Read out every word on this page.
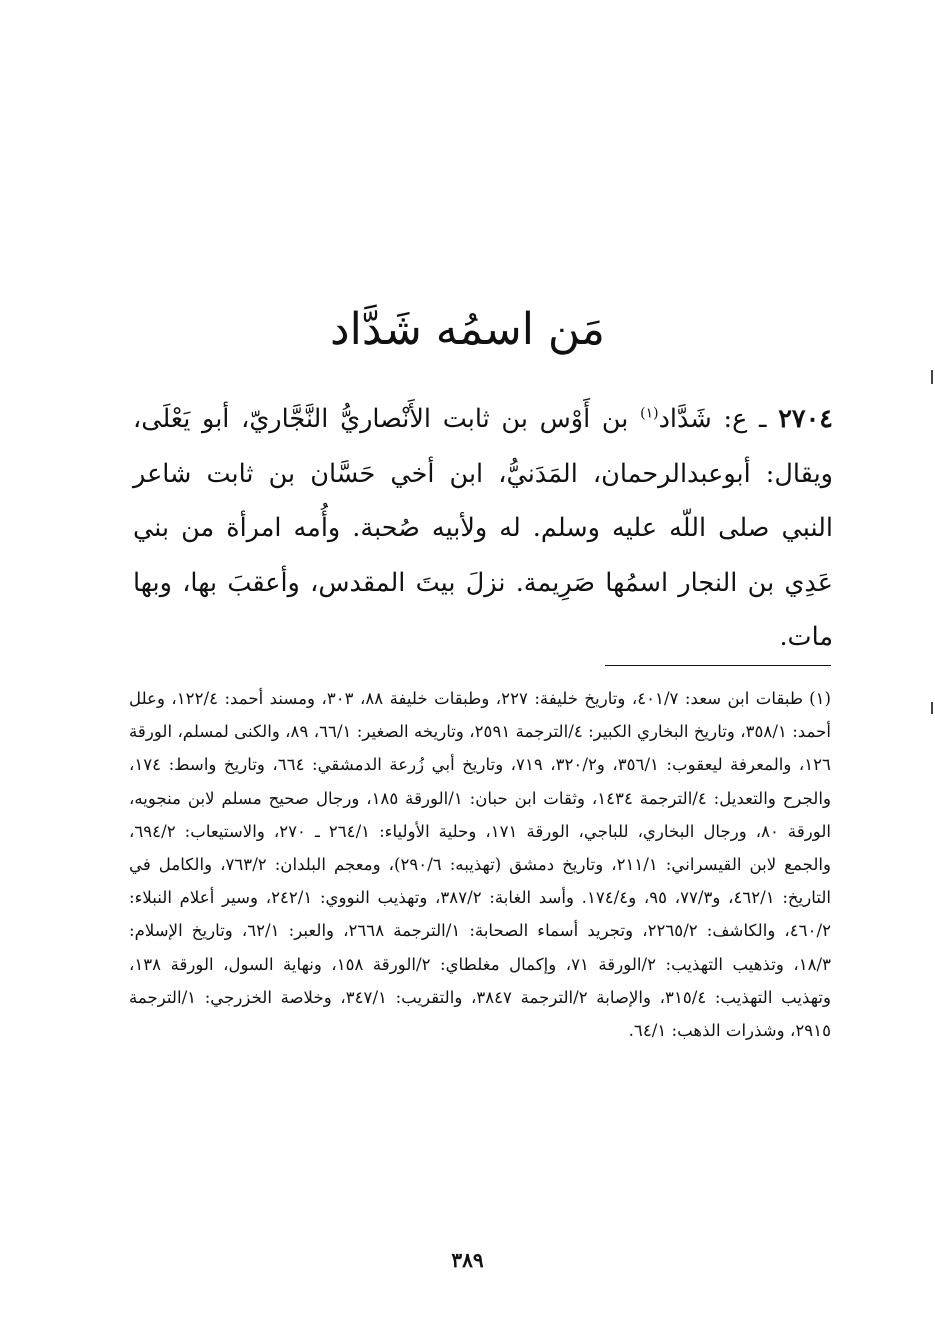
مَن اسمُه شَدَّاد

٢٧٠٤ ـ ع: شَدَّاد$^{(١)}$ بن أَوْس بن ثابت الأَنْصاريُّ النَّجَّاريّ، أبو يَعْلَى، ويقال: أبوعبدالرحمان، المَدَنيُّ، ابن أخي حَسَّان بن ثابت شاعر النبي صلى اللّه عليه وسلم. له ولأبيه صُحبة. وأُمه امرأة من بني عَدِي بن النجار اسمُها صَرِيمة. نزلَ بيتَ المقدس، وأعقبَ بها، وبها مات.

(١)طبقات ابن سعد: ٤٠١/٧، وتاريخ خليفة: ٢٢٧، وطبقات خليفة ٨٨، ٣٠٣، ومسند أحمد: ١٢٢/٤، وعلل أحمد: ٣٥٨/١، وتاريخ البخاري الكبير: ٤/الترجمة ٢٥٩١، وتاريخه الصغير: ٦٦/١، ٨٩، والكنى لمسلم، الورقة ١٢٦، والمعرفة ليعقوب: ٣٥٦/١، و٣٢٠/٢، ٧١٩، وتاريخ أبي زُرعة الدمشقي: ٦٦٤، وتاريخ واسط: ١٧٤، والجرح والتعديل: ٤/الترجمة ١٤٣٤، وثقات ابن حبان: ١/الورقة ١٨٥، ورجال صحيح مسلم لابن منجويه، الورقة ٨٠، ورجال البخاري، للباجي، الورقة ١٧١، وحلية الأولياء: ٢٦٤/١ ـ ٢٧٠، والاستيعاب: ٦٩٤/٢، والجمع لابن القيسراني: ٢١١/١، وتاريخ دمشق (تهذيبه: ٢٩٠/٦)، ومعجم البلدان: ٧٦٣/٢، والكامل في التاريخ: ٤٦٢/١، و٧٧/٣، ٩٥، و١٧٤/٤. وأسد الغابة: ٣٨٧/٢، وتهذيب النووي: ٢٤٢/١، وسير أعلام النبلاء: ٤٦٠/٢، والكاشف: ٢٢٦٥/٢، وتجريد أسماء الصحابة: ١/الترجمة ٢٦٦٨، والعبر: ٦٢/١، وتاريخ الإسلام: ١٨/٣، وتذهيب التهذيب: ٢/الورقة ٧١، وإكمال مغلطاي: ٢/الورقة ١٥٨، ونهاية السول، الورقة ١٣٨، وتهذيب التهذيب: ٣١٥/٤، والإصابة ٢/الترجمة ٣٨٤٧، والتقريب: ٣٤٧/١، وخلاصة الخزرجي: ١/الترجمة ٢٩١٥، وشذرات الذهب: ٦٤/١.

٣٨٩
